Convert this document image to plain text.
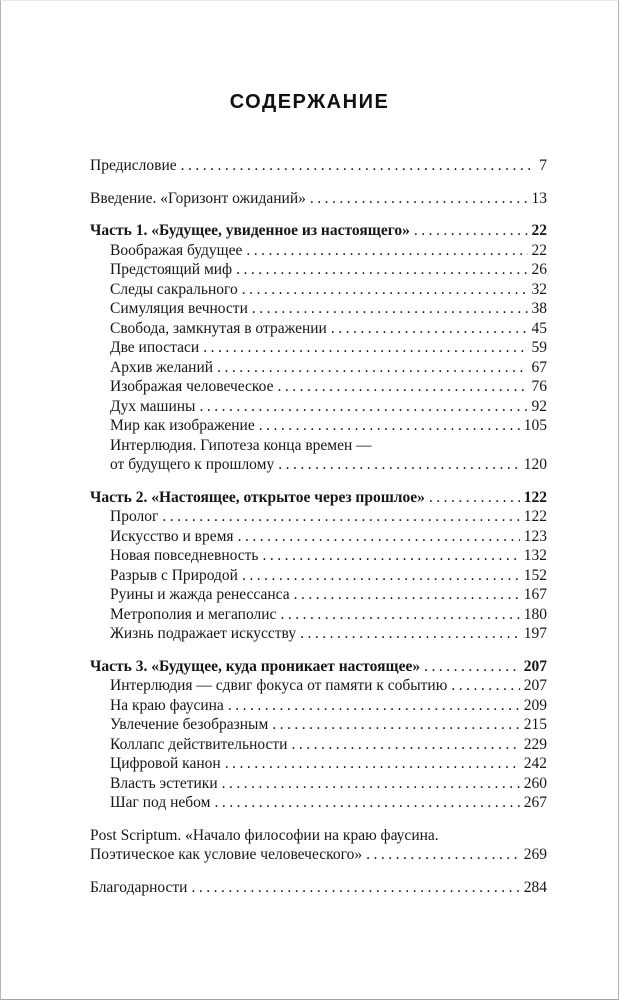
СОДЕРЖАНИЕ
Предисловие .....	7
Введение. «Горизонт ожиданий» .....	13
Часть 1. «Будущее, увиденное из настоящего» .....	22
Воображая будущее .....	22
Предстоящий миф .....	26
Следы сакрального .....	32
Симуляция вечности .....	38
Свобода, замкнутая в отражении .....	45
Две ипостаси .....	59
Архив желаний .....	67
Изображая человеческое .....	76
Дух машины .....	92
Мир как изображение .....	105
Интерлюдия. Гипотеза конца времен —
от будущего к прошлому .....	120
Часть 2. «Настоящее, открытое через прошлое» .....	122
Пролог .....	122
Искусство и время .....	123
Новая повседневность .....	132
Разрыв с Природой .....	152
Руины и жажда ренессанса .....	167
Метрополия и мегаполис .....	180
Жизнь подражает искусству .....	197
Часть 3. «Будущее, куда проникает настоящее» .....	207
Интерлюдия — сдвиг фокуса от памяти к событию .....	207
На краю фаусина .....	209
Увлечение безобразным .....	215
Коллапс действительности .....	229
Цифровой канон .....	242
Власть эстетики .....	260
Шаг под небом .....	267
Post Scriptum. «Начало философии на краю фаусина.
Поэтическое как условие человеческого» .....	269
Благодарности .....	284
